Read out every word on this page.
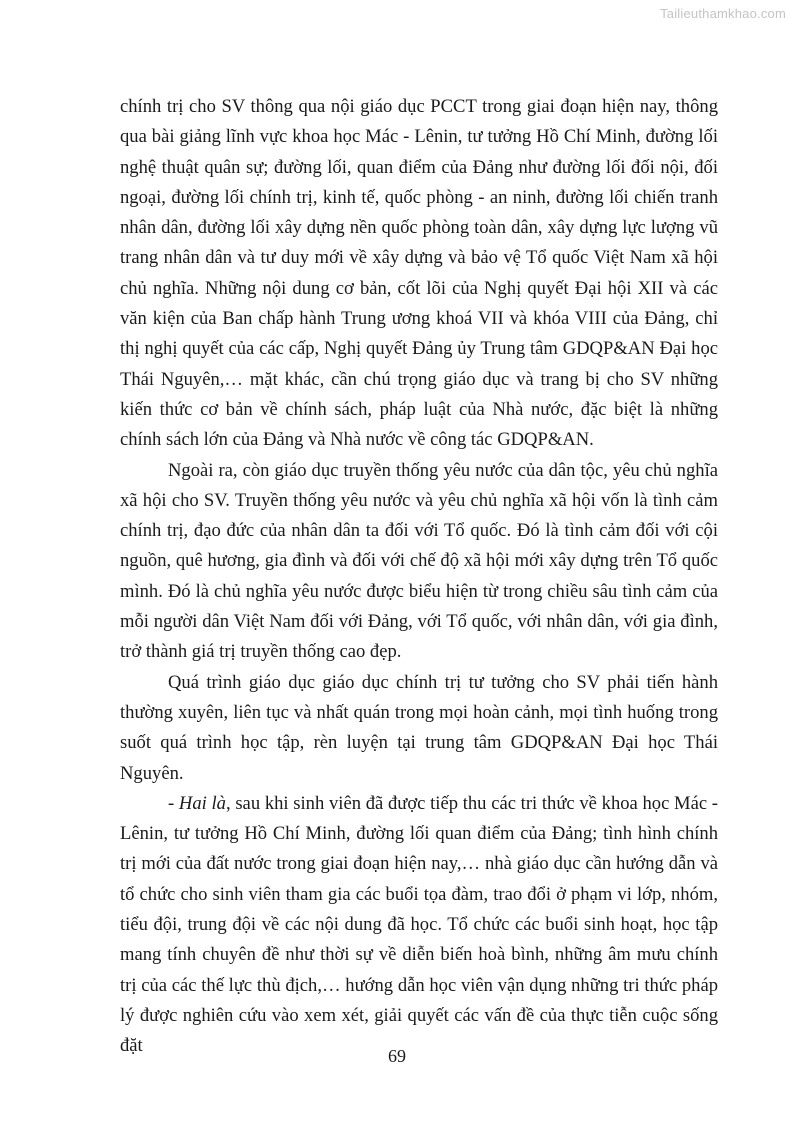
Tailieuthamkhao.com

chính trị cho SV thông qua nội giáo dục PCCT trong giai đoạn hiện nay, thông qua bài giảng lĩnh vực khoa học Mác - Lênin, tư tưởng Hồ Chí Minh, đường lối nghệ thuật quân sự; đường lối, quan điểm của Đảng như đường lối đối nội, đối ngoại, đường lối chính trị, kinh tế, quốc phòng - an ninh, đường lối chiến tranh nhân dân, đường lối xây dựng nền quốc phòng toàn dân, xây dựng lực lượng vũ trang nhân dân và tư duy mới về xây dựng và bảo vệ Tổ quốc Việt Nam xã hội chủ nghĩa. Những nội dung cơ bản, cốt lõi của Nghị quyết Đại hội XII và các văn kiện của Ban chấp hành Trung ương khoá VII và khóa VIII của Đảng, chỉ thị nghị quyết của các cấp, Nghị quyết Đảng ủy Trung tâm GDQP&AN Đại học Thái Nguyên,… mặt khác, cần chú trọng giáo dục và trang bị cho SV những kiến thức cơ bản về chính sách, pháp luật của Nhà nước, đặc biệt là những chính sách lớn của Đảng và Nhà nước về công tác GDQP&AN.

Ngoài ra, còn giáo dục truyền thống yêu nước của dân tộc, yêu chủ nghĩa xã hội cho SV. Truyền thống yêu nước và yêu chủ nghĩa xã hội vốn là tình cảm chính trị, đạo đức của nhân dân ta đối với Tổ quốc. Đó là tình cảm đối với cội nguồn, quê hương, gia đình và đối với chế độ xã hội mới xây dựng trên Tổ quốc mình. Đó là chủ nghĩa yêu nước được biểu hiện từ trong chiều sâu tình cảm của mỗi người dân Việt Nam đối với Đảng, với Tổ quốc, với nhân dân, với gia đình, trở thành giá trị truyền thống cao đẹp.

Quá trình giáo dục giáo dục chính trị tư tưởng cho SV phải tiến hành thường xuyên, liên tục và nhất quán trong mọi hoàn cảnh, mọi tình huống trong suốt quá trình học tập, rèn luyện tại trung tâm GDQP&AN Đại học Thái Nguyên.

- Hai là, sau khi sinh viên đã được tiếp thu các tri thức về khoa học Mác - Lênin, tư tưởng Hồ Chí Minh, đường lối quan điểm của Đảng; tình hình chính trị mới của đất nước trong giai đoạn hiện nay,… nhà giáo dục cần hướng dẫn và tổ chức cho sinh viên tham gia các buổi tọa đàm, trao đổi ở phạm vi lớp, nhóm, tiểu đội, trung đội về các nội dung đã học. Tổ chức các buổi sinh hoạt, học tập mang tính chuyên đề như thời sự về diễn biến hoà bình, những âm mưu chính trị của các thế lực thù địch,… hướng dẫn học viên vận dụng những tri thức pháp lý được nghiên cứu vào xem xét, giải quyết các vấn đề của thực tiễn cuộc sống đặt	69
